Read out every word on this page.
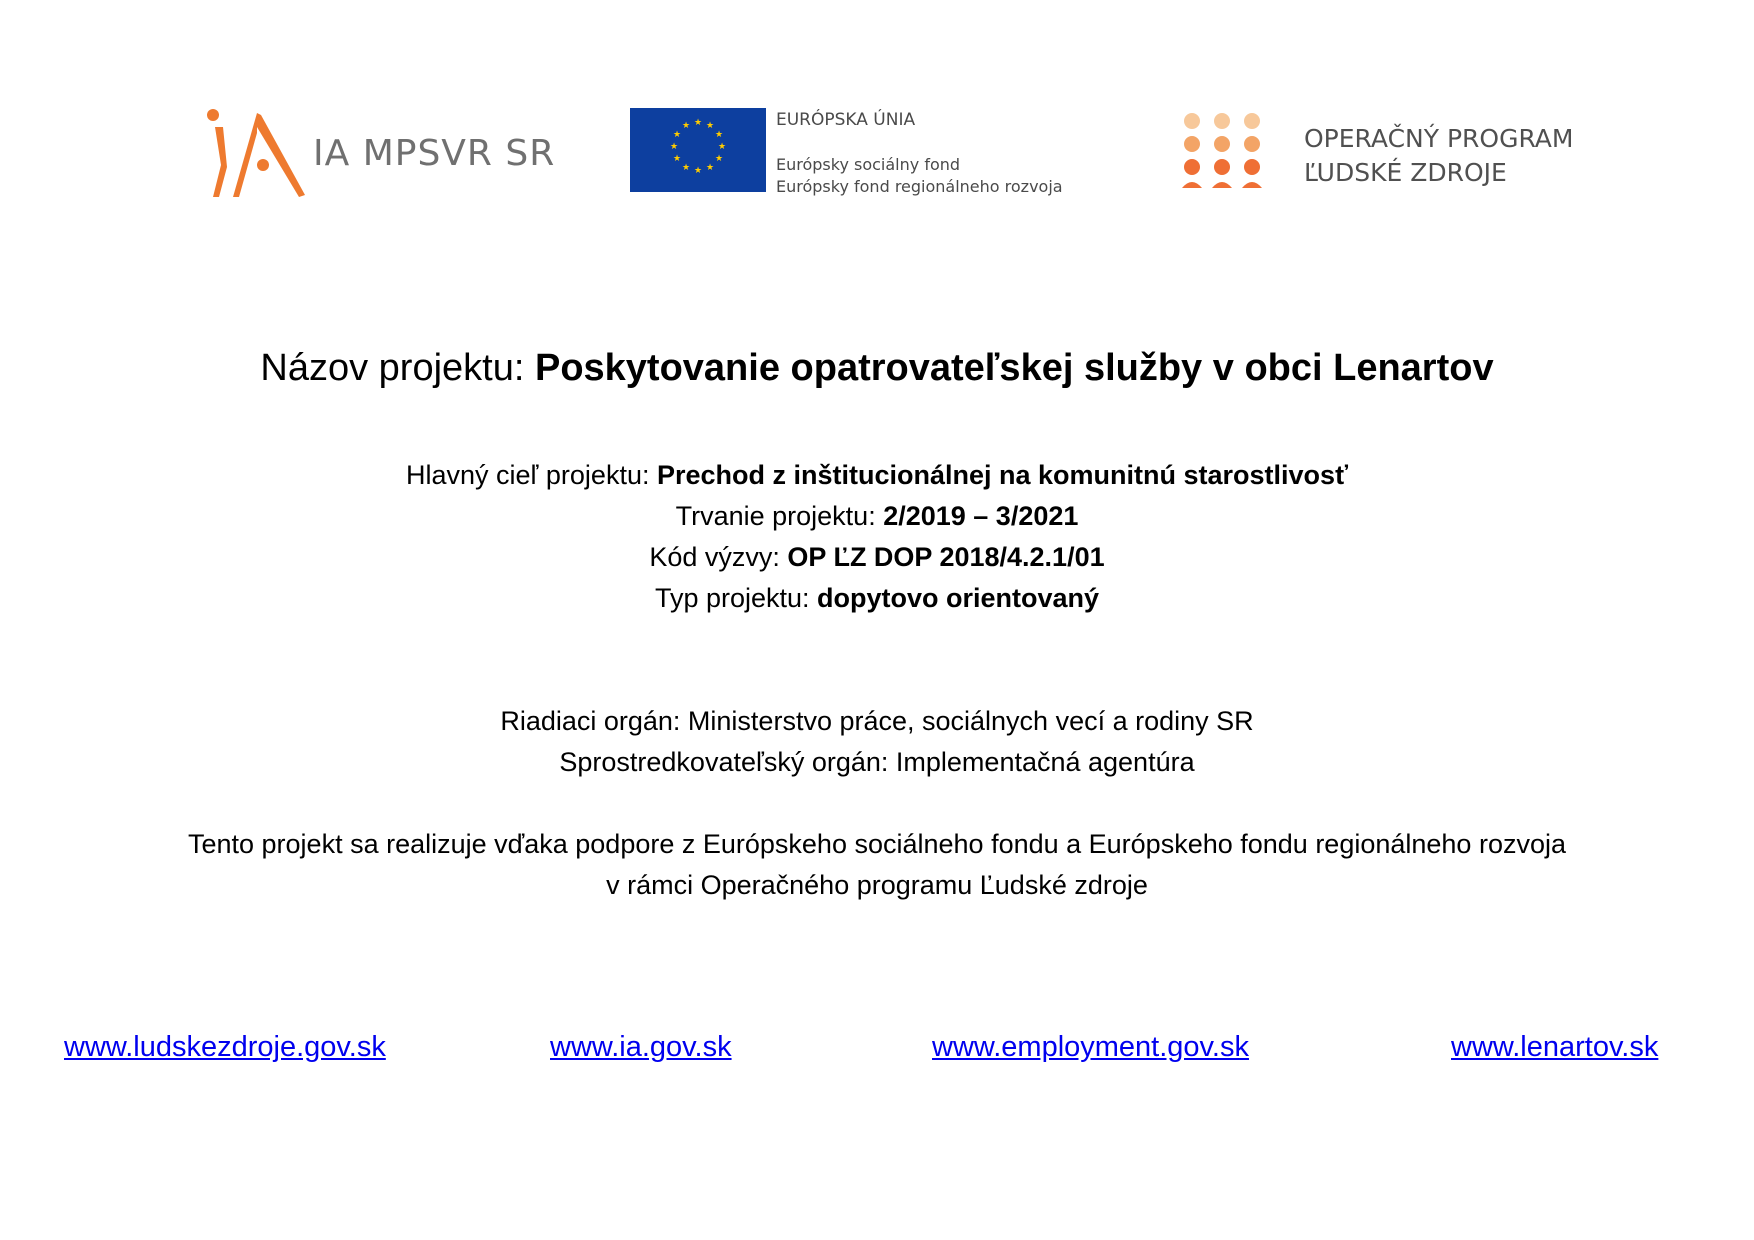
IA MPSVR SR
★ ★
★
★
★
★
★
★
★
★
★
★	EURÓPSKA ÚNIA
Európsky sociálny fond
Európsky fond regionálneho rozvoja
OPERAČNÝ PROGRAM
ĽUDSKÉ ZDROJE
Názov projektu: Poskytovanie opatrovateľskej služby v obci Lenartov
Hlavný cieľ projektu: Prechod z inštitucionálnej na komunitnú starostlivosť
Trvanie projektu: 2/2019 – 3/2021
Kód výzvy: OP ĽZ DOP 2018/4.2.1/01
Typ projektu: dopytovo orientovaný
Riadiaci orgán: Ministerstvo práce, sociálnych vecí a rodiny SR
Sprostredkovateľský orgán: Implementačná agentúra
Tento projekt sa realizuje vďaka podpore z Európskeho sociálneho fondu a Európskeho fondu regionálneho rozvoja
v rámci Operačného programu Ľudské zdroje
www.ludskezdroje.gov.sk	www.ia.gov.sk	www.employment.gov.sk	www.lenartov.sk
